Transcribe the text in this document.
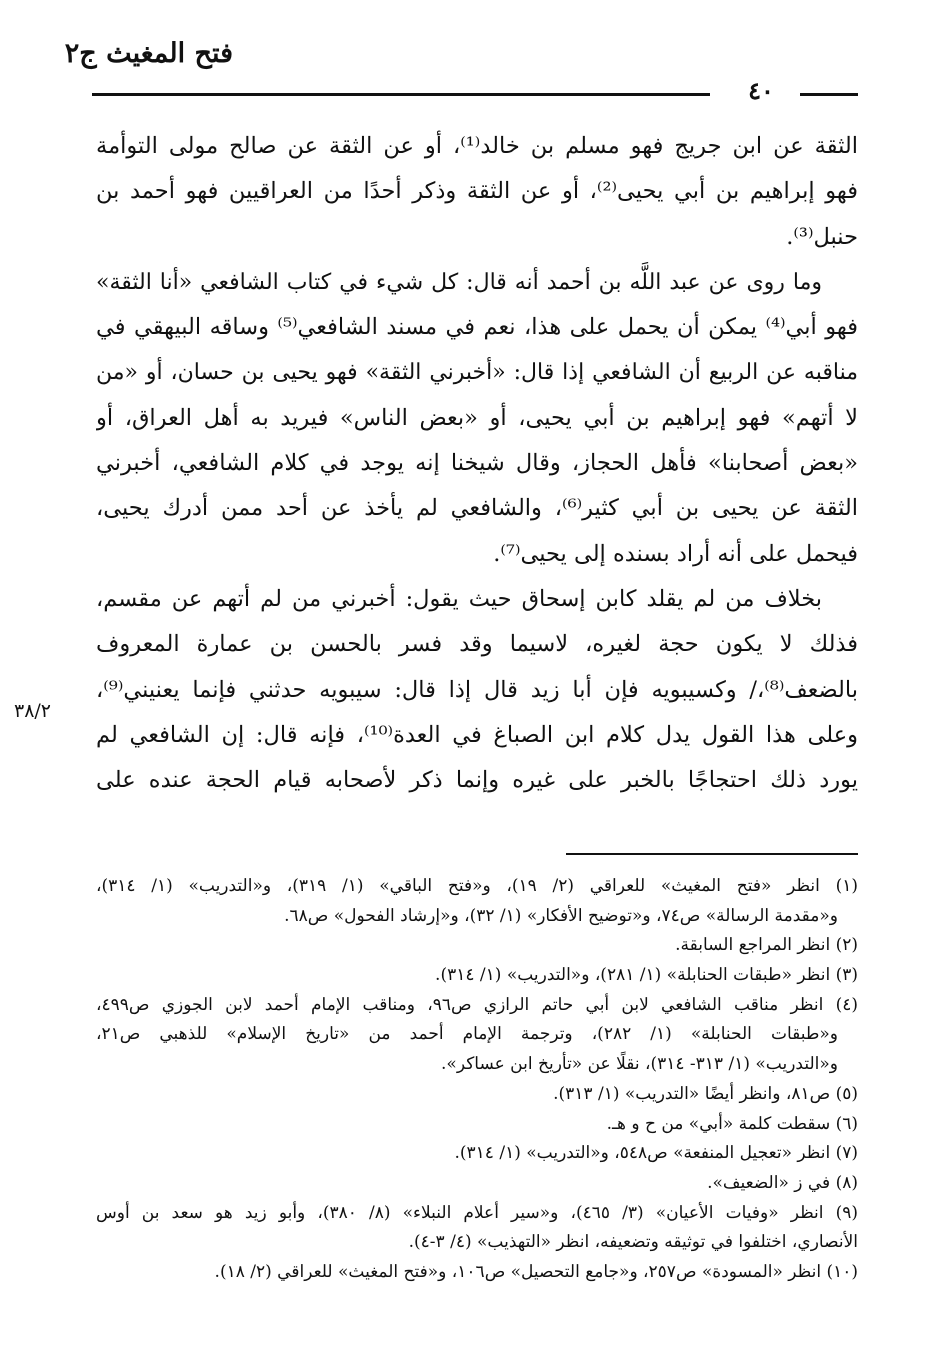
فتح المغيث ج٢
٤٠
الثقة عن ابن جريج فهو مسلم بن خالد⁽¹⁾، أو عن الثقة عن صالح مولى التوأمة
فهو إبراهيم بن أبي يحيى⁽²⁾، أو عن الثقة وذكر أحدًا من العراقيين فهو أحمد بن
حنبل⁽³⁾.
وما روى عن عبد اللَّه بن أحمد أنه قال: كل شيء في كتاب الشافعي «أنا الثقة»
فهو أبي⁽⁴⁾ يمكن أن يحمل على هذا، نعم في مسند الشافعي⁽⁵⁾ وساقه البيهقي في
مناقبه عن الربيع أن الشافعي إذا قال: «أخبرني الثقة» فهو يحيى بن حسان، أو «من
لا أتهم» فهو إبراهيم بن أبي يحيى، أو «بعض الناس» فيريد به أهل العراق، أو
«بعض أصحابنا» فأهل الحجاز، وقال شيخنا إنه يوجد في كلام الشافعي، أخبرني
الثقة عن يحيى بن أبي كثير⁽⁶⁾، والشافعي لم يأخذ عن أحد ممن أدرك يحيى،
فيحمل على أنه أراد بسنده إلى يحيى⁽⁷⁾.
بخلاف من لم يقلد كابن إسحاق حيث يقول: أخبرني من لم أتهم عن مقسم،
فذلك لا يكون حجة لغيره، لاسيما وقد فسر بالحسن بن عمارة المعروف
بالضعف⁽⁸⁾،/ وكسيبويه فإن أبا زيد قال إذا قال: سيبويه حدثني فإنما يعنيني⁽⁹⁾،
وعلى هذا القول يدل كلام ابن الصباغ في العدة⁽¹⁰⁾، فإنه قال: إن الشافعي لم
يورد ذلك احتجاجًا بالخبر على غيره وإنما ذكر لأصحابه قيام الحجة عنده على
٣٨/٢
(١) انظر «فتح المغيث» للعراقي (٢/ ١٩)، و«فتح الباقي» (١/ ٣١٩)، و«التدريب» (١/ ٣١٤)،
و«مقدمة الرسالة» ص٧٤، و«توضيح الأفكار» (١/ ٣٢)، و«إرشاد الفحول» ص٦٨.
(٢) انظر المراجع السابقة.
(٣) انظر «طبقات الحنابلة» (١/ ٢٨١)، و«التدريب» (١/ ٣١٤).
(٤) انظر مناقب الشافعي لابن أبي حاتم الرازي ص٩٦، ومناقب الإمام أحمد لابن الجوزي ص٤٩٩،
و«طبقات الحنابلة» (١/ ٢٨٢)، وترجمة الإمام أحمد من «تاريخ الإسلام» للذهبي ص٢١،
و«التدريب» (١/ ٣١٣- ٣١٤)، نقلًا عن «تأريخ ابن عساكر».
(٥) ص٨١، وانظر أيضًا «التدريب» (١/ ٣١٣).
(٦) سقطت كلمة «أبي» من ح و هـ.
(٧) انظر «تعجيل المنفعة» ص٥٤٨، و«التدريب» (١/ ٣١٤).
(٨) في ز «الضعيف».
(٩) انظر «وفيات الأعيان» (٣/ ٤٦٥)، و«سير أعلام النبلاء» (٨/ ٣٨٠)، وأبو زيد هو سعد بن أوس
الأنصاري، اختلفوا في توثيقه وتضعيفه، انظر «التهذيب» (٤/ ٣-٤).
(١٠) انظر «المسودة» ص٢٥٧، و«جامع التحصيل» ص١٠٦، و«فتح المغيث» للعراقي (٢/ ١٨).
